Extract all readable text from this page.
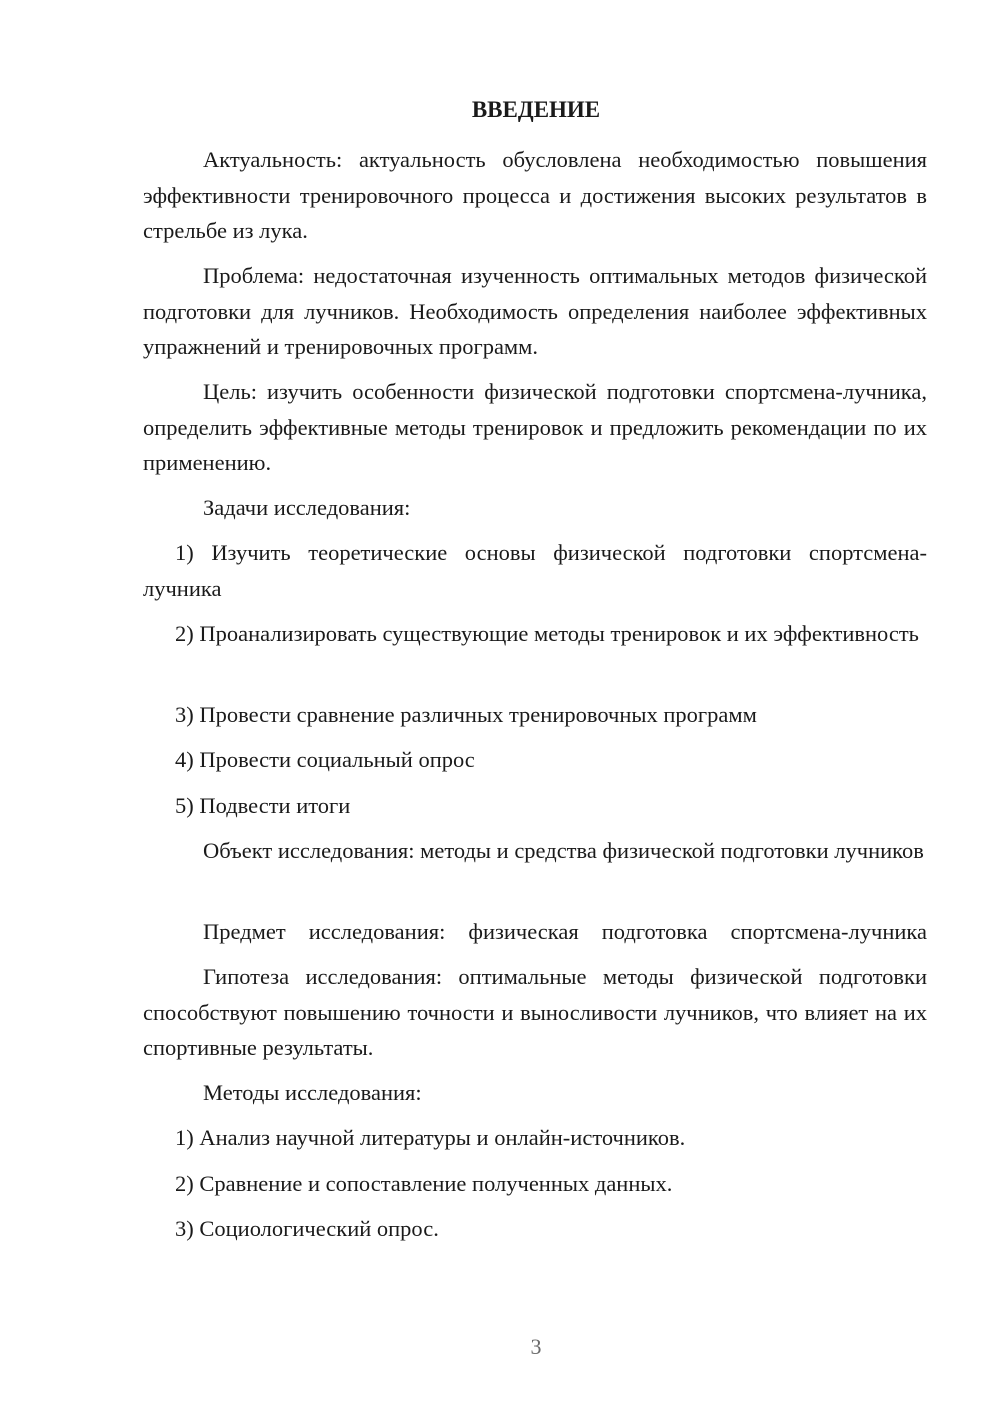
ВВЕДЕНИЕ

Актуальность: актуальность обусловлена необходимостью повышения эффективности тренировочного процесса и достижения высоких результатов в стрельбе из лука.

Проблема: недостаточная изученность оптимальных методов физической подготовки для лучников. Необходимость определения наиболее эффективных упражнений и тренировочных программ.

Цель: изучить особенности физической подготовки спортсмена-лучника, определить эффективные методы тренировок и предложить рекомендации по их применению.

Задачи исследования:

1) Изучить теоретические основы физической подготовки спортсмена-лучника

2) Проанализировать существующие методы тренировок и их эффективность

3) Провести сравнение различных тренировочных программ

4) Провести социальный опрос

5) Подвести итоги

Объект исследования: методы и средства физической подготовки лучников

Предмет исследования: физическая подготовка спортсмена-лучника

Гипотеза исследования: оптимальные методы физической подготовки способствуют повышению точности и выносливости лучников, что влияет на их спортивные результаты.

Методы исследования:

1) Анализ научной литературы и онлайн-источников.

2) Сравнение и сопоставление полученных данных.

3) Социологический опрос.

3
